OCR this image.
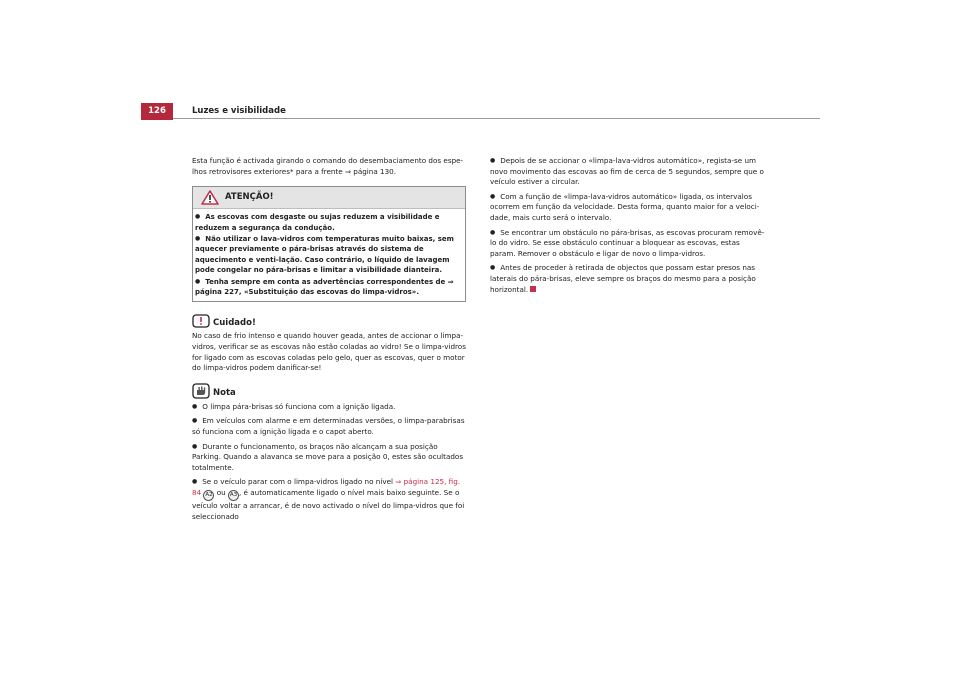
126	Luzes e visibilidade

Esta função é activada girando o comando do desembaciamento dos espe-lhos retrovisores exteriores* para a frente ⇒ página 130.

ATENÇÃO!

● As escovas com desgaste ou sujas reduzem a visibilidade e reduzem a segurança da condução.

● Não utilizar o lava-vidros com temperaturas muito baixas, sem aquecer previamente o pára-brisas através do sistema de aquecimento e venti-lação. Caso contrário, o líquido de lavagem pode congelar no pára-brisas e limitar a visibilidade dianteira.

● Tenha sempre em conta as advertências correspondentes de ⇒ página 227, «Substituição das escovas do limpa-vidros».

Cuidado!

No caso de frio intenso e quando houver geada, antes de accionar o limpa-vidros, verificar se as escovas não estão coladas ao vidro! Se o limpa-vidros for ligado com as escovas coladas pelo gelo, quer as escovas, quer o motor do limpa-vidros podem danificar-se!

Nota

● O limpa pára-brisas só funciona com a ignição ligada.

● Em veículos com alarme e em determinadas versões, o limpa-parabrisas só funciona com a ignição ligada e o capot aberto.

● Durante o funcionamento, os braços não alcançam a sua posição Parking. Quando a alavanca se move para a posição 0, estes são ocultados totalmente.

● Se o veículo parar com o limpa-vidros ligado no nível ⇒ página 125, fig. 84 A2 ou A3 , é automaticamente ligado o nível mais baixo seguinte. Se o veículo voltar a arrancar, é de novo activado o nível do limpa-vidros que foi seleccionado

● Depois de se accionar o «limpa-lava-vidros automático», regista-se um novo movimento das escovas ao fim de cerca de 5 segundos, sempre que o veículo estiver a circular.

● Com a função de «limpa-lava-vidros automático» ligada, os intervalos ocorrem em função da velocidade. Desta forma, quanto maior for a veloci-dade, mais curto será o intervalo.

● Se encontrar um obstáculo no pára-brisas, as escovas procuram removê-lo do vidro. Se esse obstáculo continuar a bloquear as escovas, estas param. Remover o obstáculo e ligar de novo o limpa-vidros.

● Antes de proceder à retirada de objectos que possam estar presos nas laterais do pára-brisas, eleve sempre os braços do mesmo para a posição horizontal.
